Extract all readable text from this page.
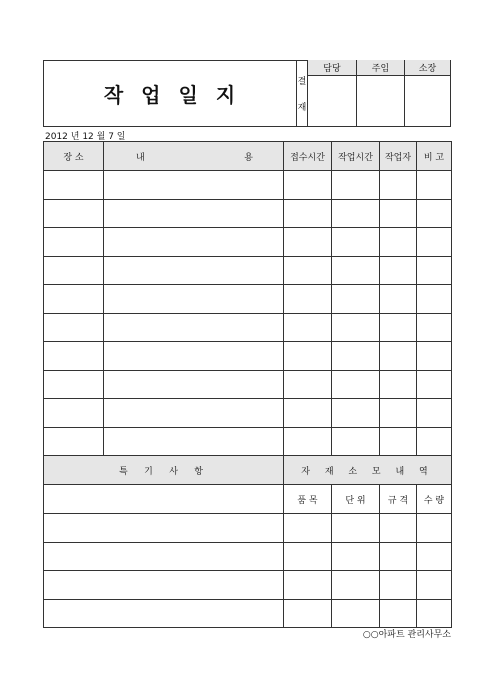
작업일지
결
재
담당	주임	소장
2012 년 12 월 7 일
장 소	내 용	접수시간	작업시간	작업자	비 고

특 기 사 항		자 재 소 모 내 역			
		품 목	단 위	규 격	수 량

○○아파트 관리사무소
